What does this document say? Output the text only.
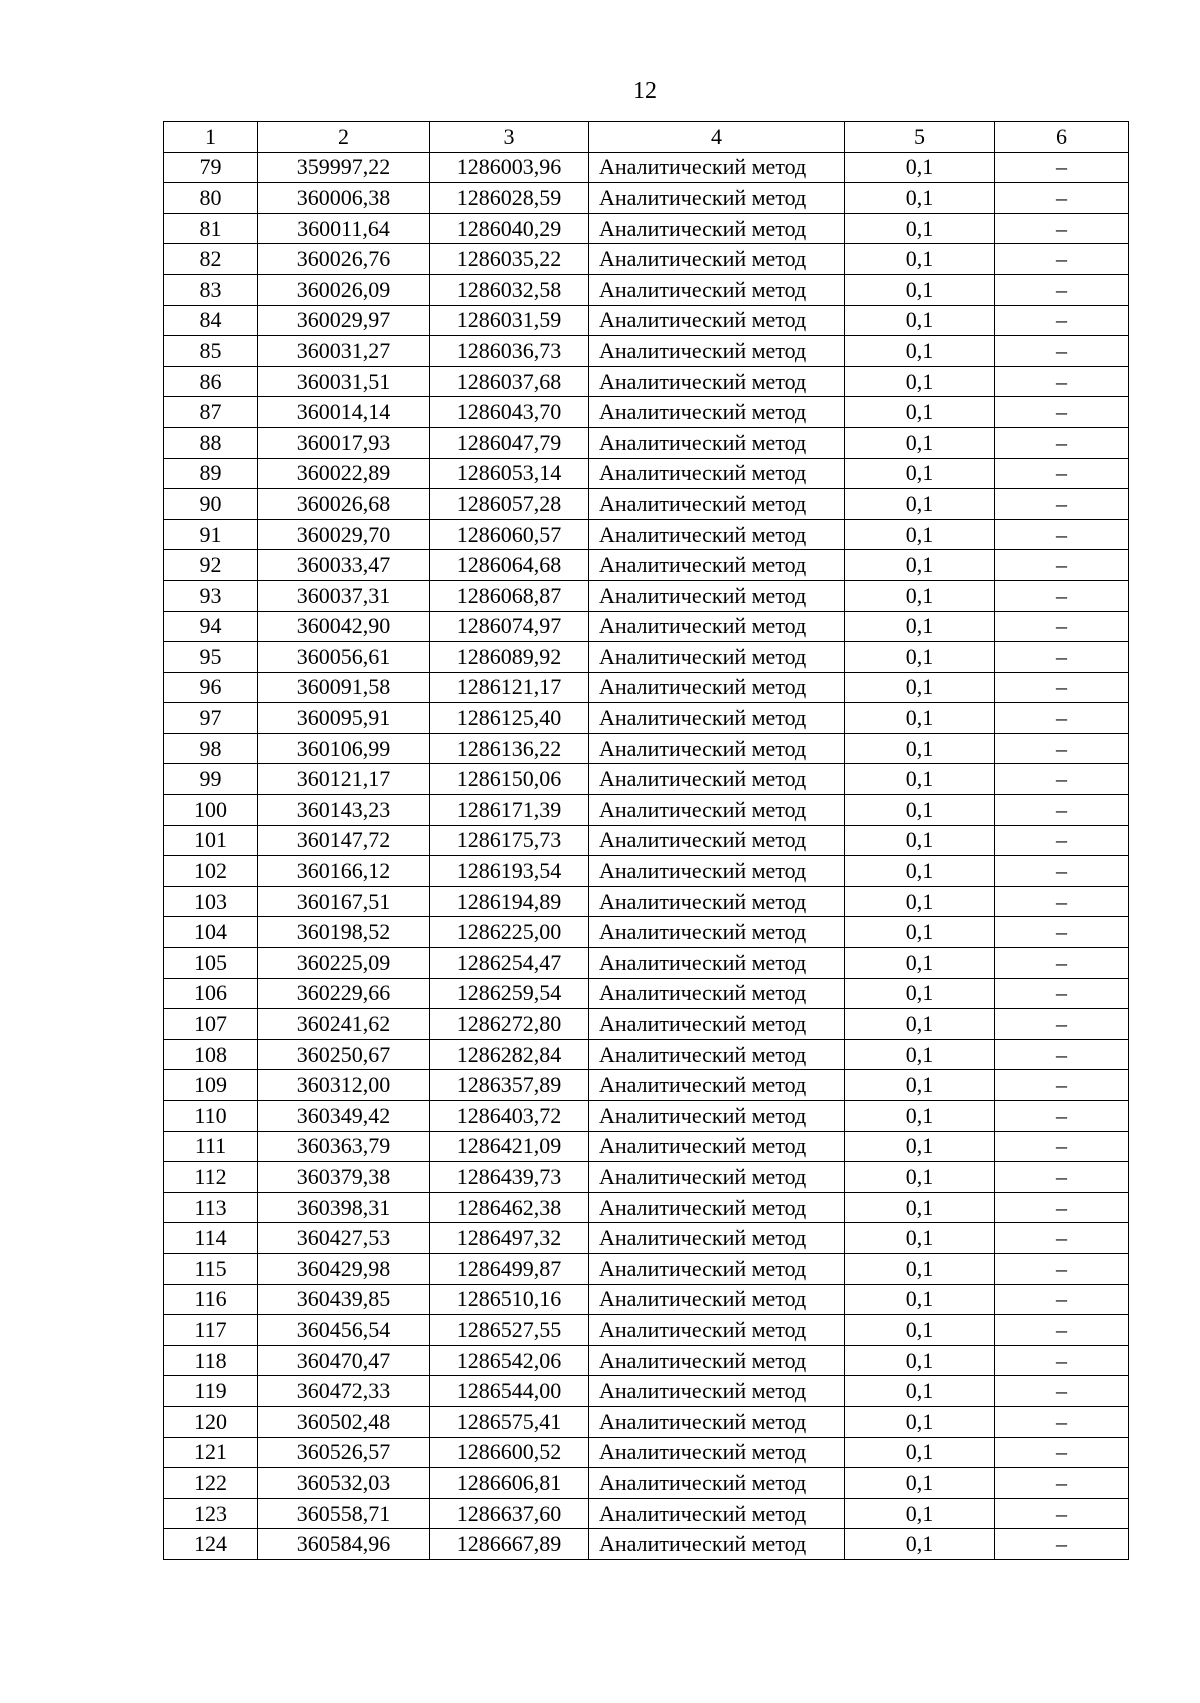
12
1	2	3	4	5	6
79	359997,22	1286003,96	Аналитический метод	0,1	–
80	360006,38	1286028,59	Аналитический метод	0,1	–
81	360011,64	1286040,29	Аналитический метод	0,1	–
82	360026,76	1286035,22	Аналитический метод	0,1	–
83	360026,09	1286032,58	Аналитический метод	0,1	–
84	360029,97	1286031,59	Аналитический метод	0,1	–
85	360031,27	1286036,73	Аналитический метод	0,1	–
86	360031,51	1286037,68	Аналитический метод	0,1	–
87	360014,14	1286043,70	Аналитический метод	0,1	–
88	360017,93	1286047,79	Аналитический метод	0,1	–
89	360022,89	1286053,14	Аналитический метод	0,1	–
90	360026,68	1286057,28	Аналитический метод	0,1	–
91	360029,70	1286060,57	Аналитический метод	0,1	–
92	360033,47	1286064,68	Аналитический метод	0,1	–
93	360037,31	1286068,87	Аналитический метод	0,1	–
94	360042,90	1286074,97	Аналитический метод	0,1	–
95	360056,61	1286089,92	Аналитический метод	0,1	–
96	360091,58	1286121,17	Аналитический метод	0,1	–
97	360095,91	1286125,40	Аналитический метод	0,1	–
98	360106,99	1286136,22	Аналитический метод	0,1	–
99	360121,17	1286150,06	Аналитический метод	0,1	–
100	360143,23	1286171,39	Аналитический метод	0,1	–
101	360147,72	1286175,73	Аналитический метод	0,1	–
102	360166,12	1286193,54	Аналитический метод	0,1	–
103	360167,51	1286194,89	Аналитический метод	0,1	–
104	360198,52	1286225,00	Аналитический метод	0,1	–
105	360225,09	1286254,47	Аналитический метод	0,1	–
106	360229,66	1286259,54	Аналитический метод	0,1	–
107	360241,62	1286272,80	Аналитический метод	0,1	–
108	360250,67	1286282,84	Аналитический метод	0,1	–
109	360312,00	1286357,89	Аналитический метод	0,1	–
110	360349,42	1286403,72	Аналитический метод	0,1	–
111	360363,79	1286421,09	Аналитический метод	0,1	–
112	360379,38	1286439,73	Аналитический метод	0,1	–
113	360398,31	1286462,38	Аналитический метод	0,1	–
114	360427,53	1286497,32	Аналитический метод	0,1	–
115	360429,98	1286499,87	Аналитический метод	0,1	–
116	360439,85	1286510,16	Аналитический метод	0,1	–
117	360456,54	1286527,55	Аналитический метод	0,1	–
118	360470,47	1286542,06	Аналитический метод	0,1	–
119	360472,33	1286544,00	Аналитический метод	0,1	–
120	360502,48	1286575,41	Аналитический метод	0,1	–
121	360526,57	1286600,52	Аналитический метод	0,1	–
122	360532,03	1286606,81	Аналитический метод	0,1	–
123	360558,71	1286637,60	Аналитический метод	0,1	–
124	360584,96	1286667,89	Аналитический метод	0,1	–
